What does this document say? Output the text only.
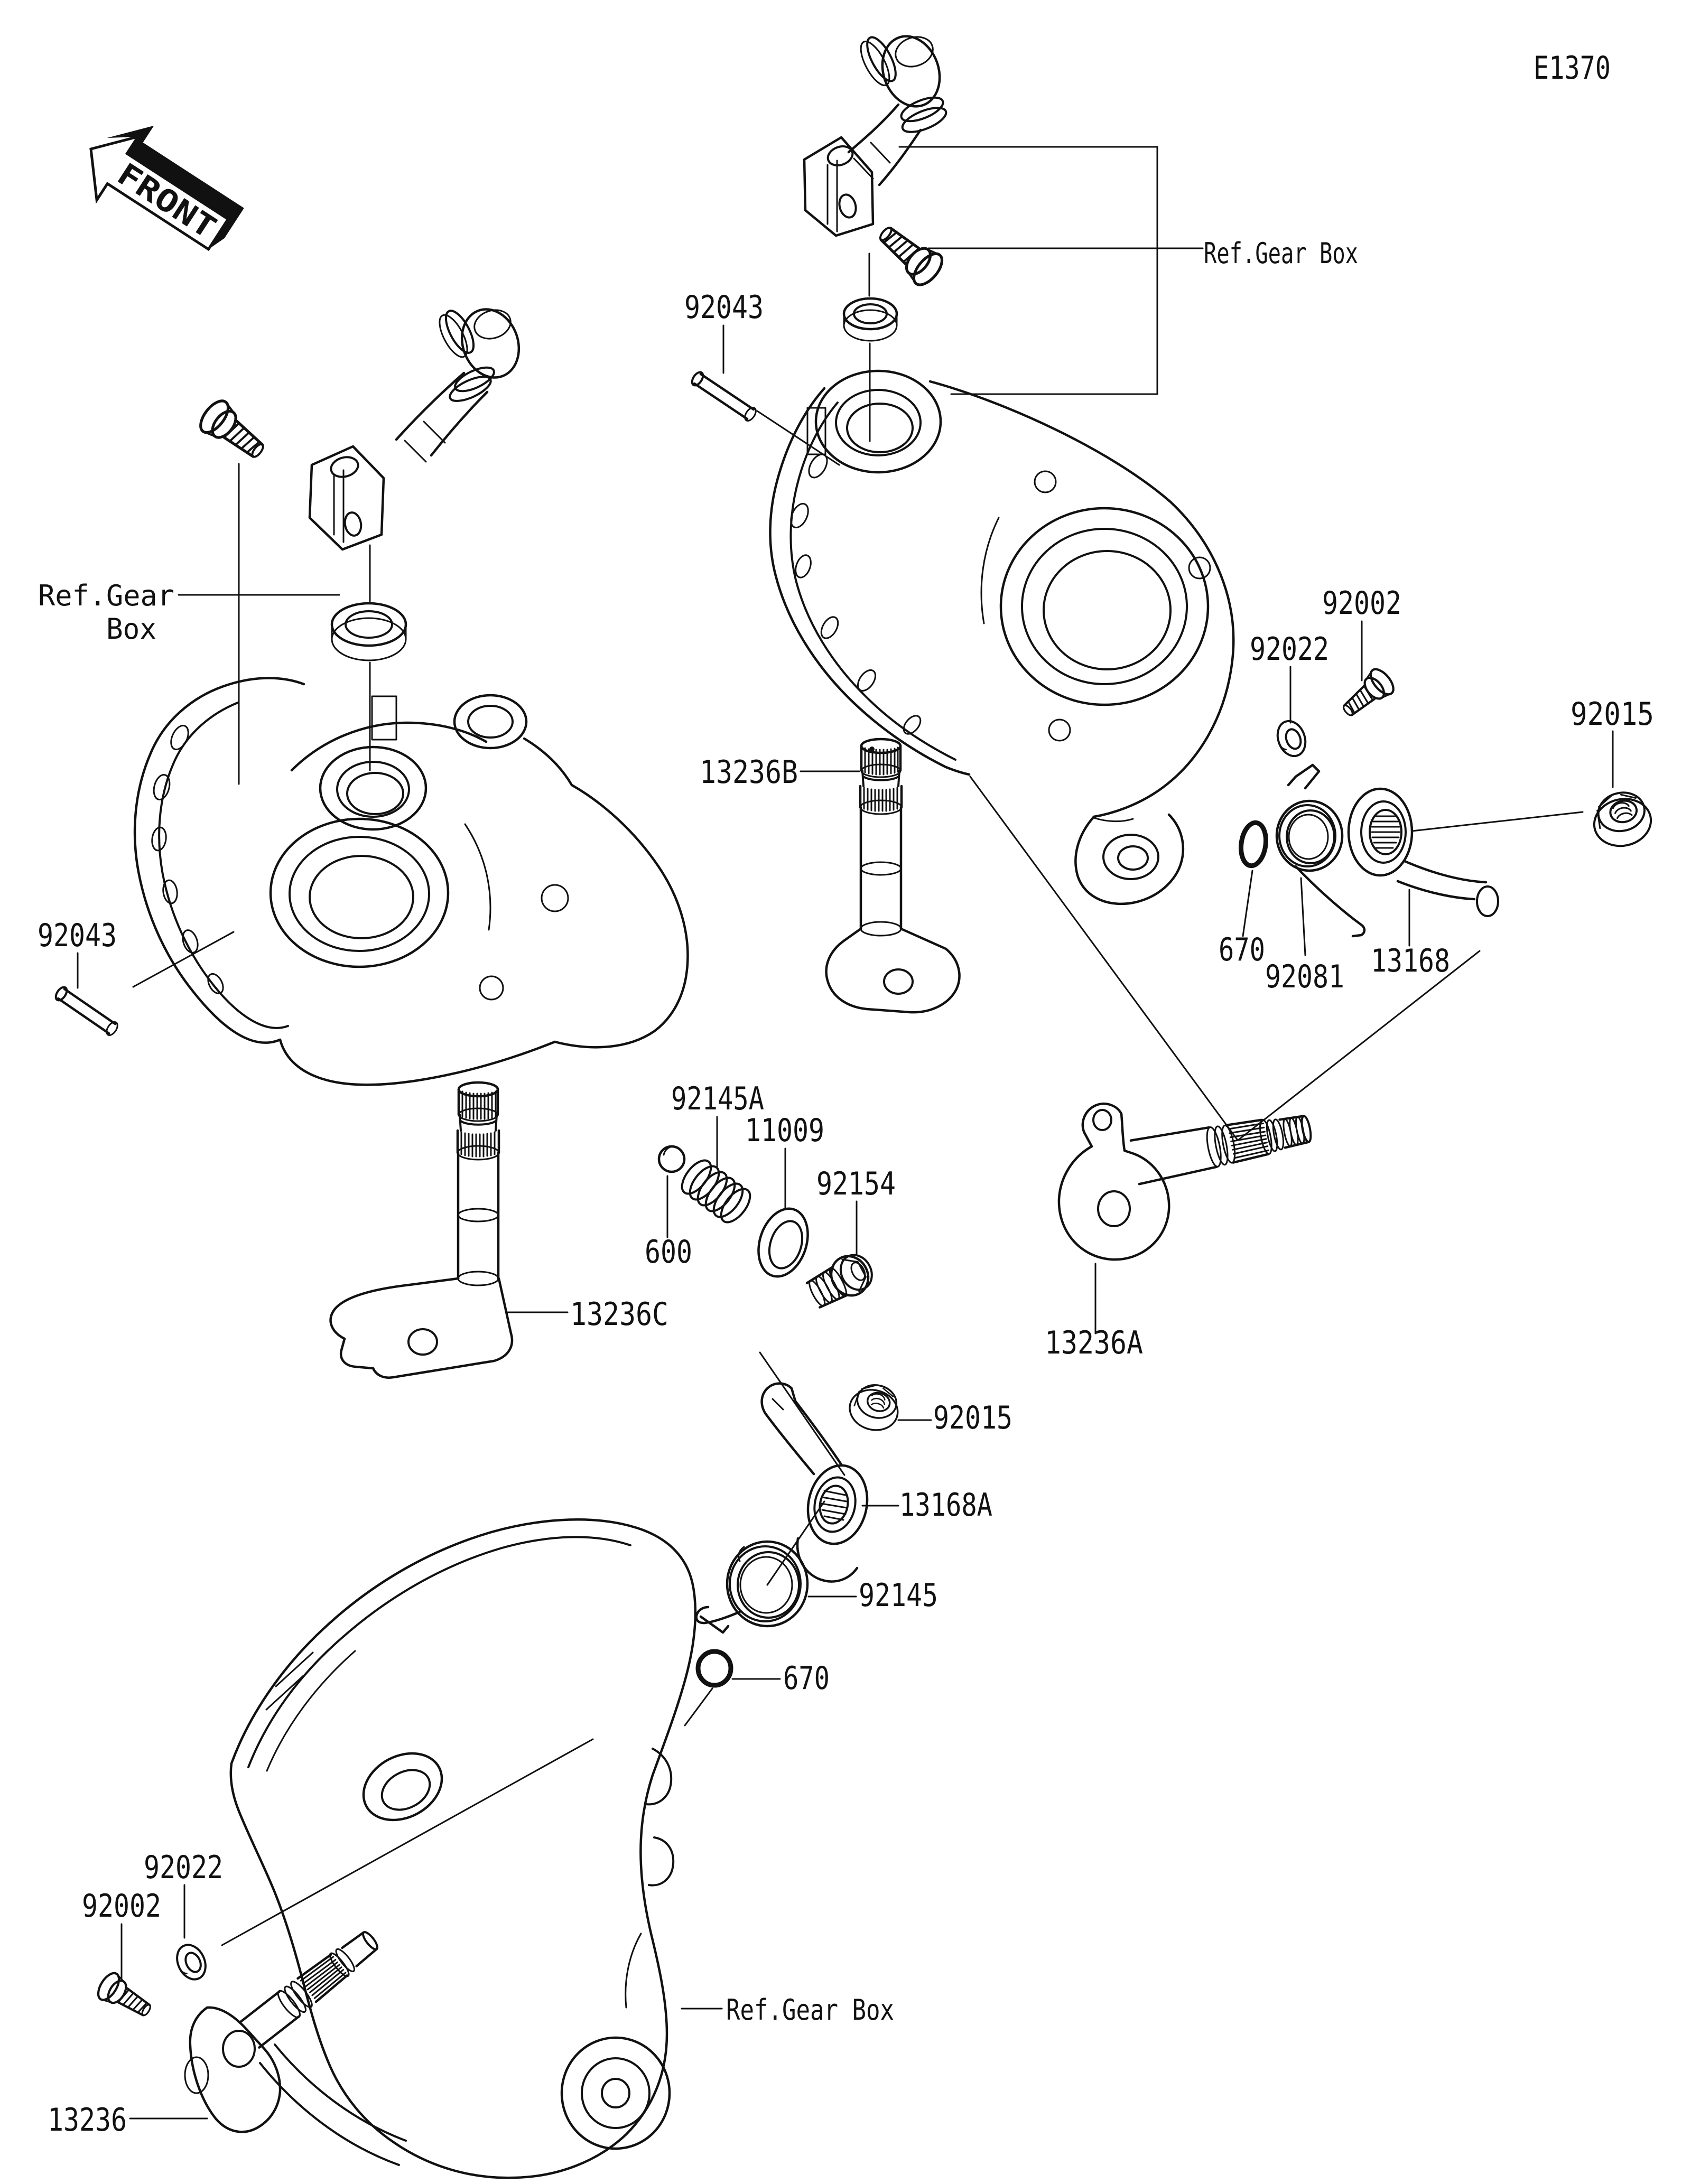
FRONT
E1370
92043
Ref.Gear Box
92002
92022
92015
13236B
670
92081 13168
92043
Ref.Gear
Box
92145A
11009
92154
600
13236C
13236A
92015
13168A
92145
670
92022
92002
Ref.Gear Box
13236
